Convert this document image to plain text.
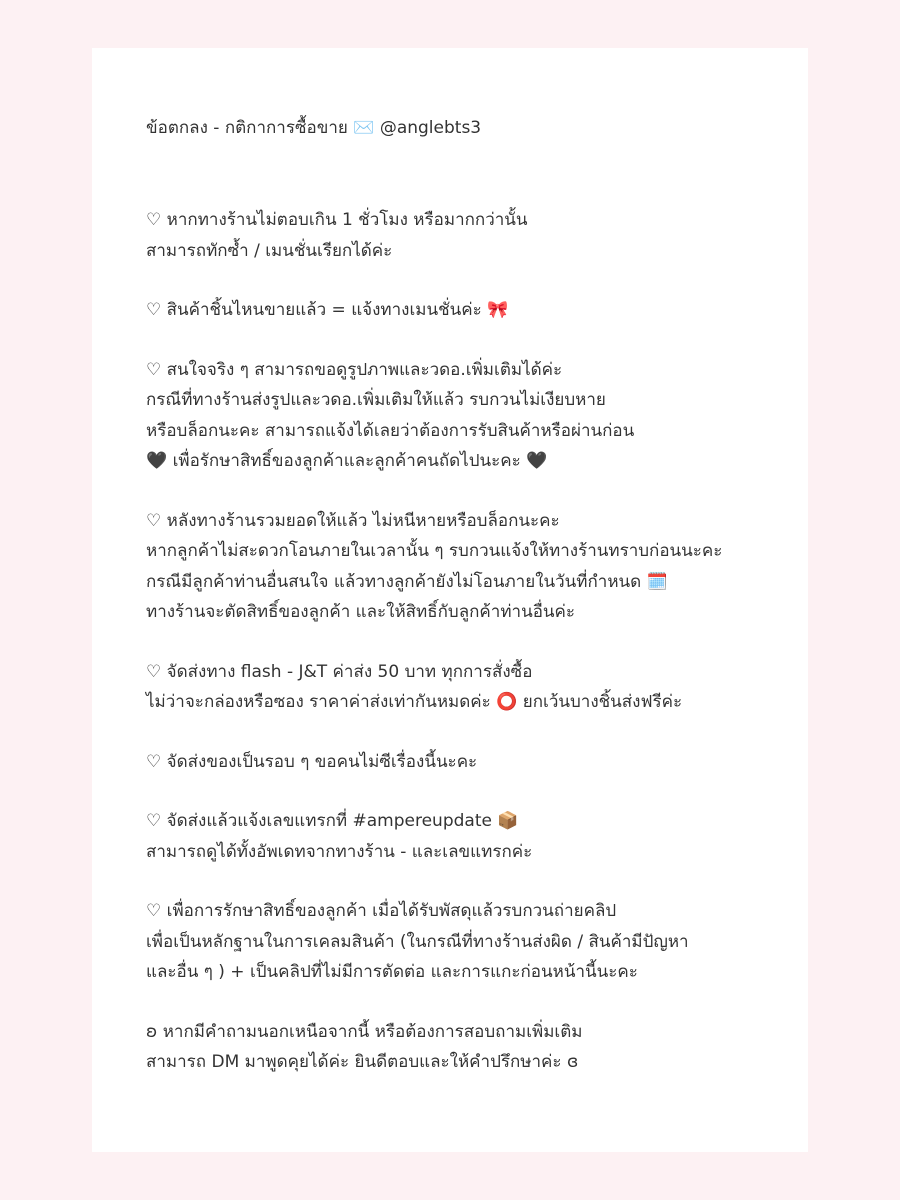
ข้อตกลง - กติกาการซื้อขาย ✉️ @anglebts3
♡ หากทางร้านไม่ตอบเกิน 1 ชั่วโมง หรือมากกว่านั้น
สามารถทักซ้ำ / เมนชั่นเรียกได้ค่ะ
♡ สินค้าชิ้นไหนขายแล้ว = แจ้งทางเมนชั่นค่ะ 🎀
♡ สนใจจริง ๆ สามารถขอดูรูปภาพและวดอ.เพิ่มเติมได้ค่ะ
กรณีที่ทางร้านส่งรูปและวดอ.เพิ่มเติมให้แล้ว รบกวนไม่เงียบหาย
หรือบล็อกนะคะ สามารถแจ้งได้เลยว่าต้องการรับสินค้าหรือผ่านก่อน
🖤 เพื่อรักษาสิทธิ์ของลูกค้าและลูกค้าคนถัดไปนะคะ 🖤
♡ หลังทางร้านรวมยอดให้แล้ว ไม่หนีหายหรือบล็อกนะคะ
หากลูกค้าไม่สะดวกโอนภายในเวลานั้น ๆ รบกวนแจ้งให้ทางร้านทราบก่อนนะคะ
กรณีมีลูกค้าท่านอื่นสนใจ แล้วทางลูกค้ายังไม่โอนภายในวันที่กำหนด 🗓️
ทางร้านจะตัดสิทธิ์ของลูกค้า และให้สิทธิ์กับลูกค้าท่านอื่นค่ะ
♡ จัดส่งทาง flash - J&T ค่าส่ง 50 บาท ทุกการสั่งซื้อ
ไม่ว่าจะกล่องหรือซอง ราคาค่าส่งเท่ากันหมดค่ะ ⭕ ยกเว้นบางชิ้นส่งฟรีค่ะ
♡ จัดส่งของเป็นรอบ ๆ ขอคนไม่ซีเรื่องนี้นะคะ
♡ จัดส่งแล้วแจ้งเลขแทรกที่ #ampereupdate 📦
สามารถดูได้ทั้งอัพเดทจากทางร้าน - และเลขแทรกค่ะ
♡ เพื่อการรักษาสิทธิ์ของลูกค้า เมื่อได้รับพัสดุแล้วรบกวนถ่ายคลิป
เพื่อเป็นหลักฐานในการเคลมสินค้า (ในกรณีที่ทางร้านส่งผิด / สินค้ามีปัญหา
และอื่น ๆ ) + เป็นคลิปที่ไม่มีการตัดต่อ และการแกะก่อนหน้านี้นะคะ
ʚ หากมีคำถามนอกเหนือจากนี้ หรือต้องการสอบถามเพิ่มเติม
สามารถ DM มาพูดคุยได้ค่ะ ยินดีตอบและให้คำปรึกษาค่ะ ɞ
